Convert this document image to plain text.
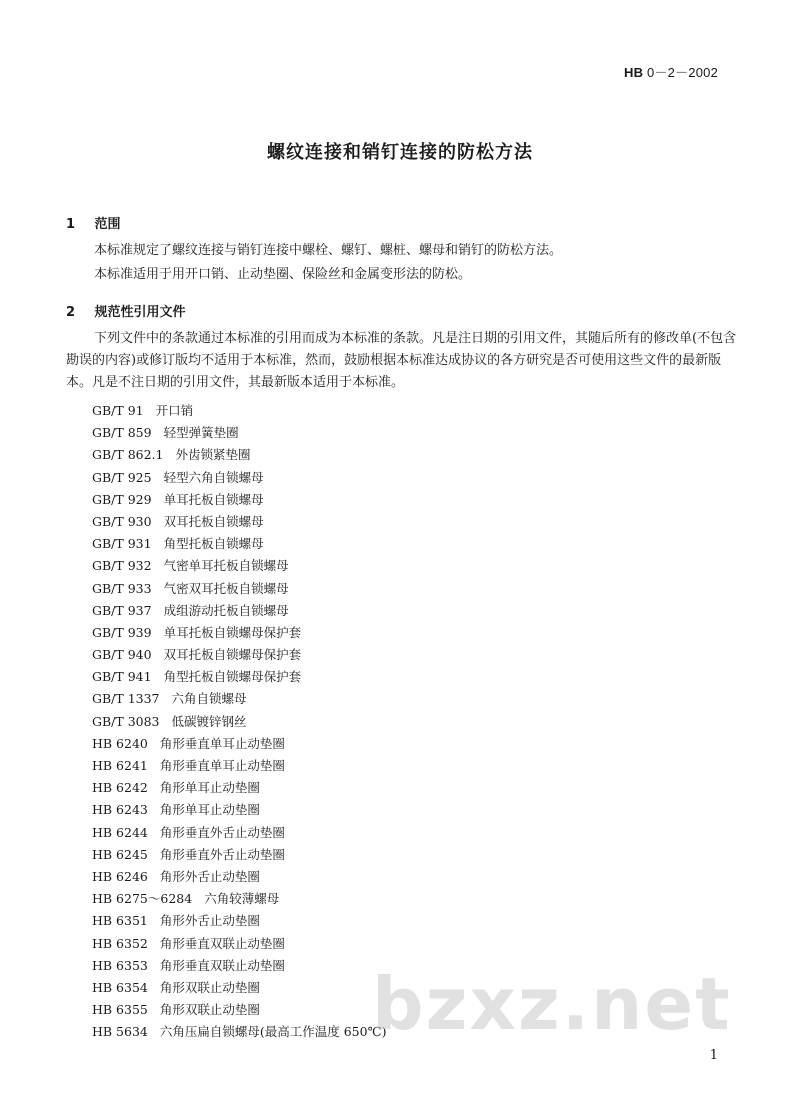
HB 0－2－2002
螺纹连接和销钉连接的防松方法
1 范围

本标准规定了螺纹连接与销钉连接中螺栓、螺钉、螺桩、螺母和销钉的防松方法。

本标准适用于用开口销、止动垫圈、保险丝和金属变形法的防松。

2 规范性引用文件

下列文件中的条款通过本标准的引用而成为本标准的条款。凡是注日期的引用文件，其随后所有的修改单(不包含勘误的内容)或修订版均不适用于本标准，然而，鼓励根据本标准达成协议的各方研究是否可使用这些文件的最新版本。凡是不注日期的引用文件，其最新版本适用于本标准。

GB/T 91 开口销
GB/T 859 轻型弹簧垫圈
GB/T 862.1 外齿锁紧垫圈
GB/T 925 轻型六角自锁螺母
GB/T 929 单耳托板自锁螺母
GB/T 930 双耳托板自锁螺母
GB/T 931 角型托板自锁螺母
GB/T 932 气密单耳托板自锁螺母
GB/T 933 气密双耳托板自锁螺母
GB/T 937 成组游动托板自锁螺母
GB/T 939 单耳托板自锁螺母保护套
GB/T 940 双耳托板自锁螺母保护套
GB/T 941 角型托板自锁螺母保护套
GB/T 1337 六角自锁螺母
GB/T 3083 低碳镀锌钢丝
HB 6240 角形垂直单耳止动垫圈
HB 6241 角形垂直单耳止动垫圈
HB 6242 角形单耳止动垫圈
HB 6243 角形单耳止动垫圈
HB 6244 角形垂直外舌止动垫圈
HB 6245 角形垂直外舌止动垫圈
HB 6246 角形外舌止动垫圈
HB 6275～6284 六角较薄螺母
HB 6351 角形外舌止动垫圈
HB 6352 角形垂直双联止动垫圈
HB 6353 角形垂直双联止动垫圈
HB 6354 角形双联止动垫圈
HB 6355 角形双联止动垫圈
HB 5634 六角压扁自锁螺母(最高工作温度 650℃)
bzxz.net
1
